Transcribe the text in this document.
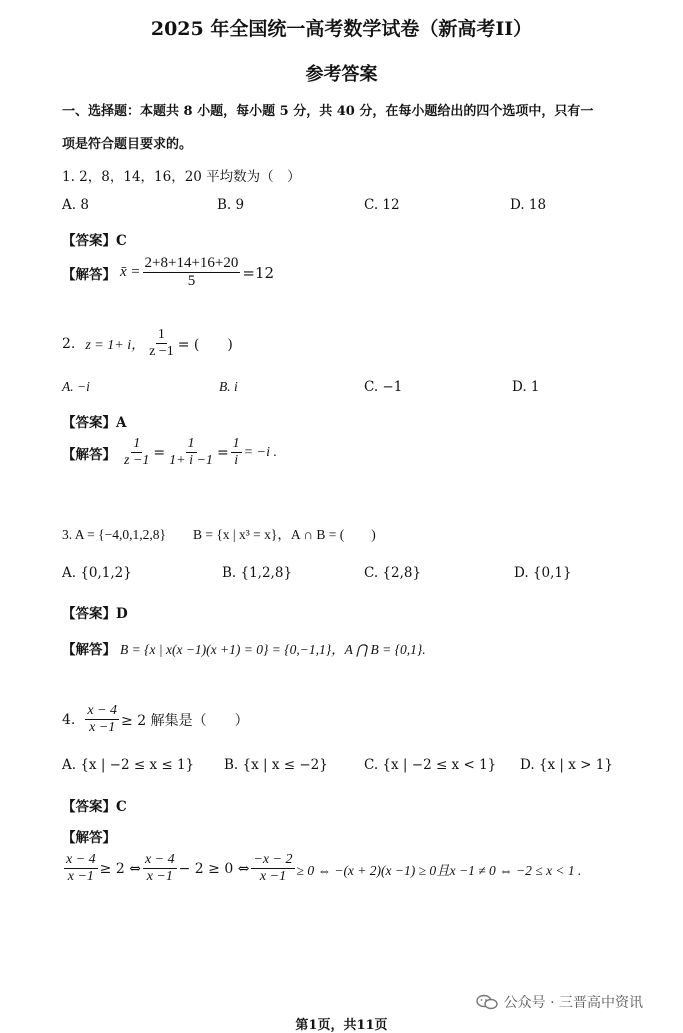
2025 年全国统一高考数学试卷（新高考II）
参考答案
一、选择题：本题共 8 小题，每小题 5 分，共 40 分，在每小题给出的四个选项中，只有一
项是符合题目要求的。
1. 2，8，14，16，20 平均数为（　）
A. 8	B. 9	C. 12	D. 18
【答案】C
【解答】 x̄ = $\frac{2+8+14+16+20}{5} =12$
2. z = 1+ i， $\frac{1}{z -1}$ = (　　)
A. −i	B. i	C. −1	D. 1
【答案】A
【解答】 $\frac{1}{z -1} = \frac{1}{1+ i -1} = \frac{1}{i} = -i$ .
3. A = {−4,0,1,2,8}　　B = {x | x³ = x}，A ∩ B = (　　)
A. {0,1,2}	B. {1,2,8}	C. {2,8}	D. {0,1}
【答案】D
【解答】 B = {x | x(x −1)(x +1) = 0} = {0,−1,1}，A ⋂ B = {0,1}.
4. $\frac{x - 4}{x -1} \ge 2$ 解集是（　　）
A. {x | −2 ≤ x ≤ 1} B. {x | x ≤ −2}	C. {x | −2 ≤ x < 1} D. {x | x > 1}
【答案】C
【解答】
$\frac{x - 4}{x -1} \ge 2$ ⇔ $\frac{x - 4}{x -1} - 2 \ge 0$ ⇔ $\frac{-x - 2}{x -1} \ge 0$ ⇔ −(x + 2)(x −1) ≥ 0且x −1 ≠ 0 ⇔ −2 ≤ x < 1 .
公众号 · 三晋高中资讯
第1页，共11页
